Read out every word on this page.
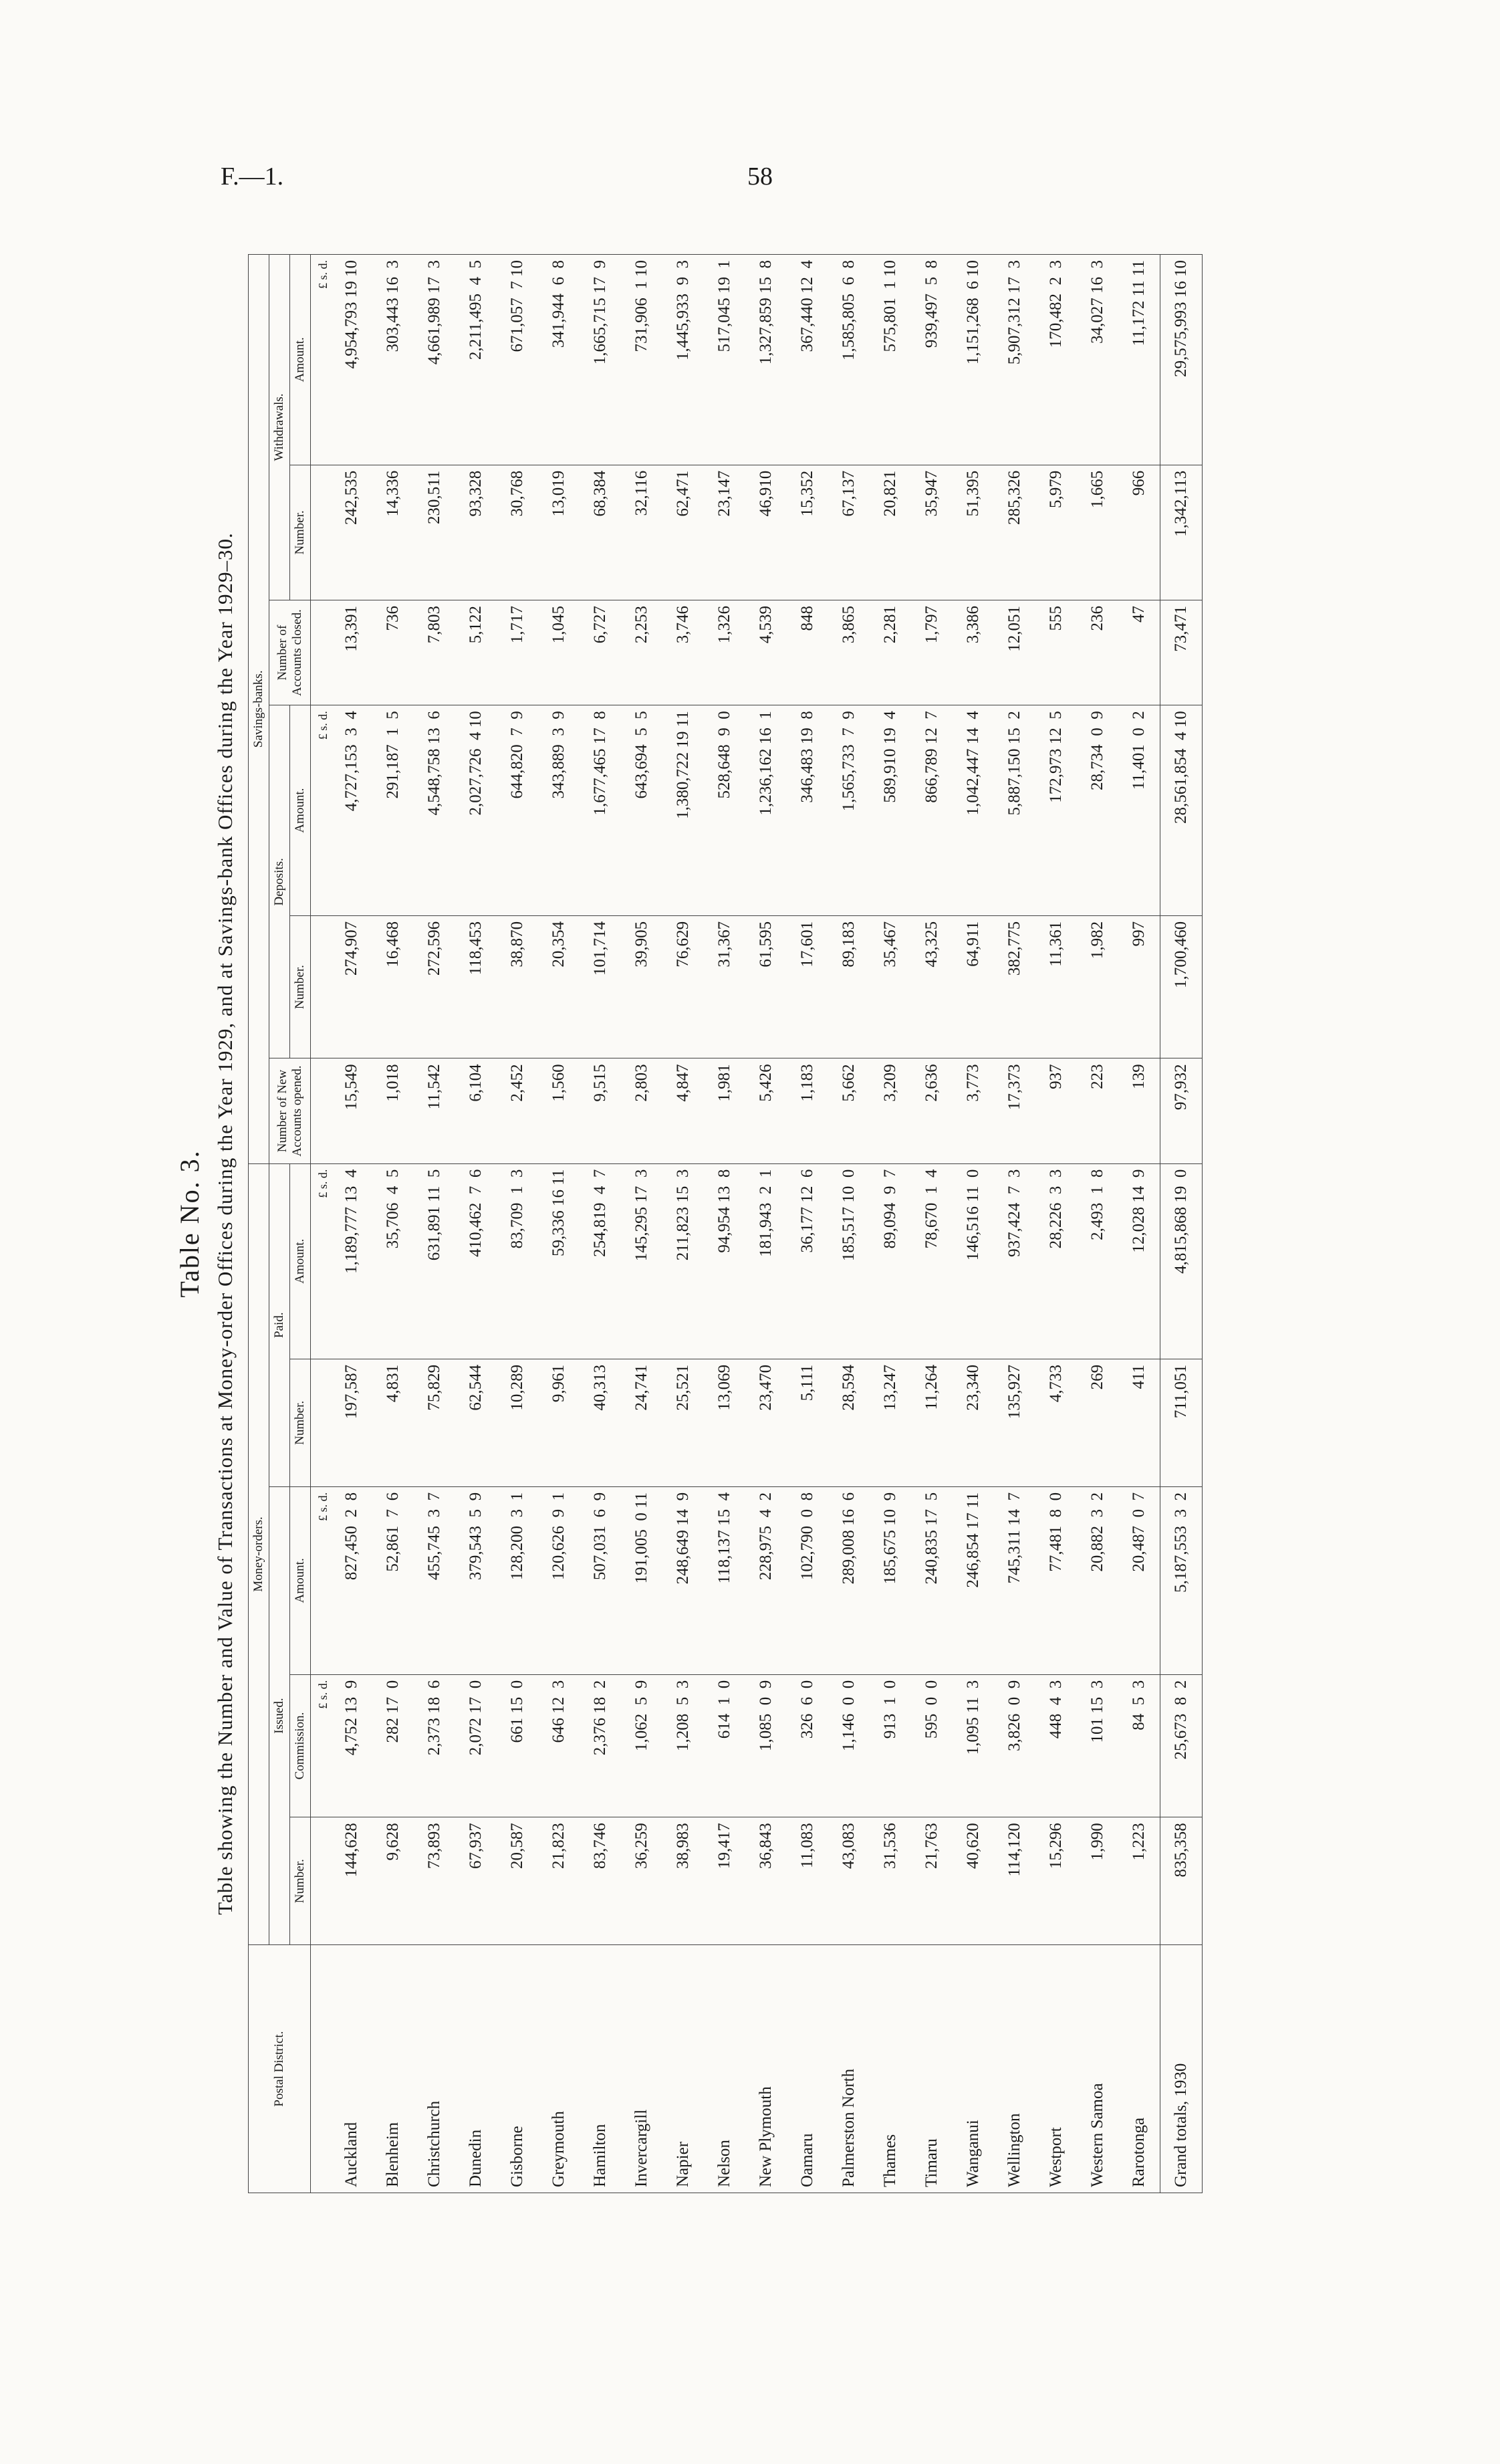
F.—1.	58
Table No. 3. Table showing the Number and Value of Transactions at Money-order Offices during the Year 1929, and at Savings-bank Offices during the Year 1929–30.
Postal District.	Money-orders.					Savings-banks.					
	Issued.			Paid.		Number of New Accounts opened.	Deposits.		Number of Accounts closed.	Withdrawals.	
	Number.	Commission.	Amount.	Number.	Amount.		Number.	Amount.		Number.	Amount.
		£ s. d.	£ s. d.		£ s. d.			£ s. d.			£ s. d.
Auckland	144,628	4,752 13  9	827,450  2  8	197,587	1,189,777 13  4	15,549	274,907	4,727,153  3  4	13,391	242,535	4,954,793 19 10
Blenheim	9,628	282 17  0	52,861  7  6	4,831	35,706  4  5	1,018	16,468	291,187  1  5	736	14,336	303,443 16  3
Christchurch	73,893	2,373 18  6	455,745  3  7	75,829	631,891 11  5	11,542	272,596	4,548,758 13  6	7,803	230,511	4,661,989 17  3
Dunedin	67,937	2,072 17  0	379,543  5  9	62,544	410,462  7  6	6,104	118,453	2,027,726  4 10	5,122	93,328	2,211,495  4  5
Gisborne	20,587	661 15  0	128,200  3  1	10,289	83,709  1  3	2,452	38,870	644,820  7  9	1,717	30,768	671,057  7 10
Greymouth	21,823	646 12  3	120,626  9  1	9,961	59,336 16 11	1,560	20,354	343,889  3  9	1,045	13,019	341,944  6  8
Hamilton	83,746	2,376 18  2	507,031  6  9	40,313	254,819  4  7	9,515	101,714	1,677,465 17  8	6,727	68,384	1,665,715 17  9
Invercargill	36,259	1,062  5  9	191,005  0 11	24,741	145,295 17  3	2,803	39,905	643,694  5  5	2,253	32,116	731,906  1 10
Napier	38,983	1,208  5  3	248,649 14  9	25,521	211,823 15  3	4,847	76,629	1,380,722 19 11	3,746	62,471	1,445,933  9  3
Nelson	19,417	614  1  0	118,137 15  4	13,069	94,954 13  8	1,981	31,367	528,648  9  0	1,326	23,147	517,045 19  1
New Plymouth	36,843	1,085  0  9	228,975  4  2	23,470	181,943  2  1	5,426	61,595	1,236,162 16  1	4,539	46,910	1,327,859 15  8
Oamaru	11,083	326  6  0	102,790  0  8	5,111	36,177 12  6	1,183	17,601	346,483 19  8	848	15,352	367,440 12  4
Palmerston North	43,083	1,146  0  0	289,008 16  6	28,594	185,517 10  0	5,662	89,183	1,565,733  7  9	3,865	67,137	1,585,805  6  8
Thames	31,536	913  1  0	185,675 10  9	13,247	89,094  9  7	3,209	35,467	589,910 19  4	2,281	20,821	575,801  1 10
Timaru	21,763	595  0  0	240,835 17  5	11,264	78,670  1  4	2,636	43,325	866,789 12  7	1,797	35,947	939,497  5  8
Wanganui	40,620	1,095 11  3	246,854 17 11	23,340	146,516 11  0	3,773	64,911	1,042,447 14  4	3,386	51,395	1,151,268  6 10
Wellington	114,120	3,826  0  9	745,311 14  7	135,927	937,424  7  3	17,373	382,775	5,887,150 15  2	12,051	285,326	5,907,312 17  3
Westport	15,296	448  4  3	77,481  8  0	4,733	28,226  3  3	937	11,361	172,973 12  5	555	5,979	170,482  2  3
Western Samoa	1,990	101 15  3	20,882  3  2	269	2,493  1  8	223	1,982	28,734  0  9	236	1,665	34,027 16  3
Rarotonga	1,223	84  5  3	20,487  0  7	411	12,028 14  9	139	997	11,401  0  2	47	966	11,172 11 11
Grand totals, 1930	835,358	25,673  8  2	5,187,553  3  2	711,051	4,815,868 19  0	97,932	1,700,460	28,561,854  4 10	73,471	1,342,113	29,575,993 16 10
